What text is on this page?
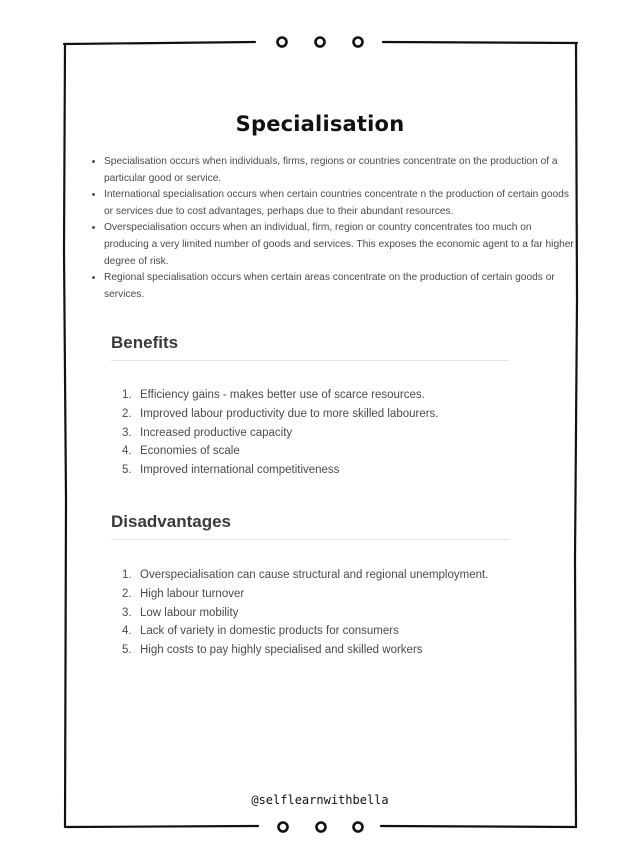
Specialisation
• Specialisation occurs when individuals, firms, regions or countries concentrate on the production of a particular good or service.
• International specialisation occurs when certain countries concentrate n the production of certain goods or services due to cost advantages, perhaps due to their abundant resources.
• Overspecialisation occurs when an individual, firm, region or country concentrates too much on producing a very limited number of goods and services. This exposes the economic agent to a far higher degree of risk.
• Regional specialisation occurs when certain areas concentrate on the production of certain goods or services.
Benefits
1. Efficiency gains - makes better use of scarce resources.
2. Improved labour productivity due to more skilled labourers.
3. Increased productive capacity
4. Economies of scale
5. Improved international competitiveness
Disadvantages
1. Overspecialisation can cause structural and regional unemployment.
2. High labour turnover
3. Low labour mobility
4. Lack of variety in domestic products for consumers
5. High costs to pay highly specialised and skilled workers
@selflearnwithbella
